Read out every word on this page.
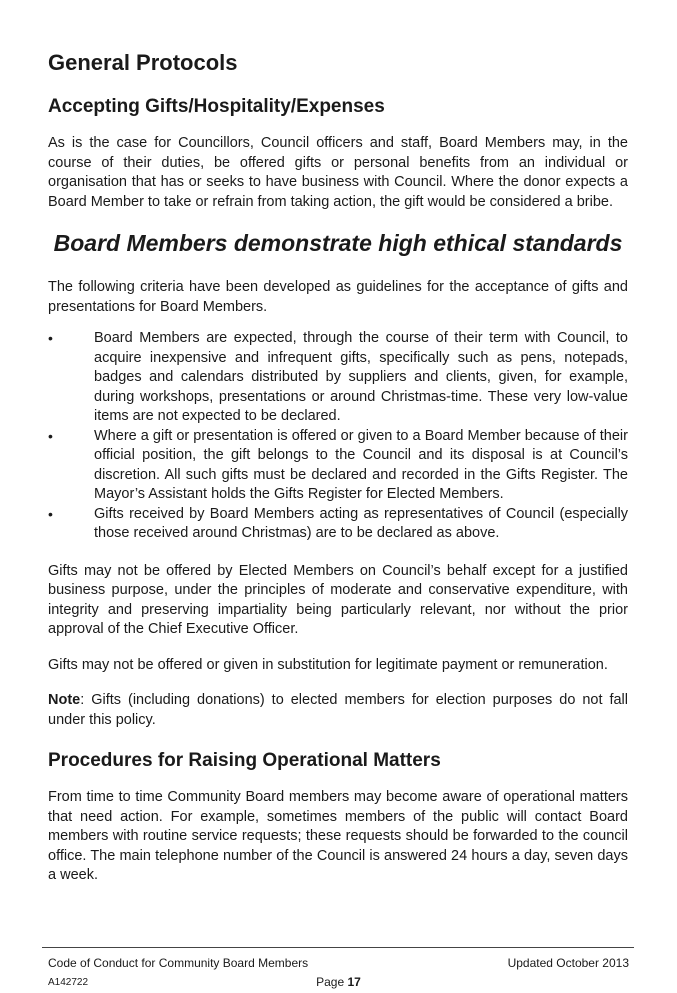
General Protocols
Accepting Gifts/Hospitality/Expenses
As is the case for Councillors, Council officers and staff, Board Members may, in the course of their duties, be offered gifts or personal benefits from an individual or organisation that has or seeks to have business with Council. Where the donor expects a Board Member to take or refrain from taking action, the gift would be considered a bribe.
Board Members demonstrate high ethical standards
The following criteria have been developed as guidelines for the acceptance of gifts and presentations for Board Members.
•	Board Members are expected, through the course of their term with Council, to acquire inexpensive and infrequent gifts, specifically such as pens, notepads, badges and calendars distributed by suppliers and clients, given, for example, during workshops, presentations or around Christmas-time. These very low-value items are not expected to be declared.
•	Where a gift or presentation is offered or given to a Board Member because of their official position, the gift belongs to the Council and its disposal is at Council’s discretion. All such gifts must be declared and recorded in the Gifts Register. The Mayor’s Assistant holds the Gifts Register for Elected Members.
•	Gifts received by Board Members acting as representatives of Council (especially those received around Christmas) are to be declared as above.
Gifts may not be offered by Elected Members on Council’s behalf except for a justified business purpose, under the principles of moderate and conservative expenditure, with integrity and preserving impartiality being particularly relevant, nor without the prior approval of the Chief Executive Officer.
Gifts may not be offered or given in substitution for legitimate payment or remuneration.
Note: Gifts (including donations) to elected members for election purposes do not fall under this policy.
Procedures for Raising Operational Matters
From time to time Community Board members may become aware of operational matters that need action. For example, sometimes members of the public will contact Board members with routine service requests; these requests should be forwarded to the council office. The main telephone number of the Council is answered 24 hours a day, seven days a week.
Code of Conduct for Community Board Members	Updated October 2013
A142722	Page 17
